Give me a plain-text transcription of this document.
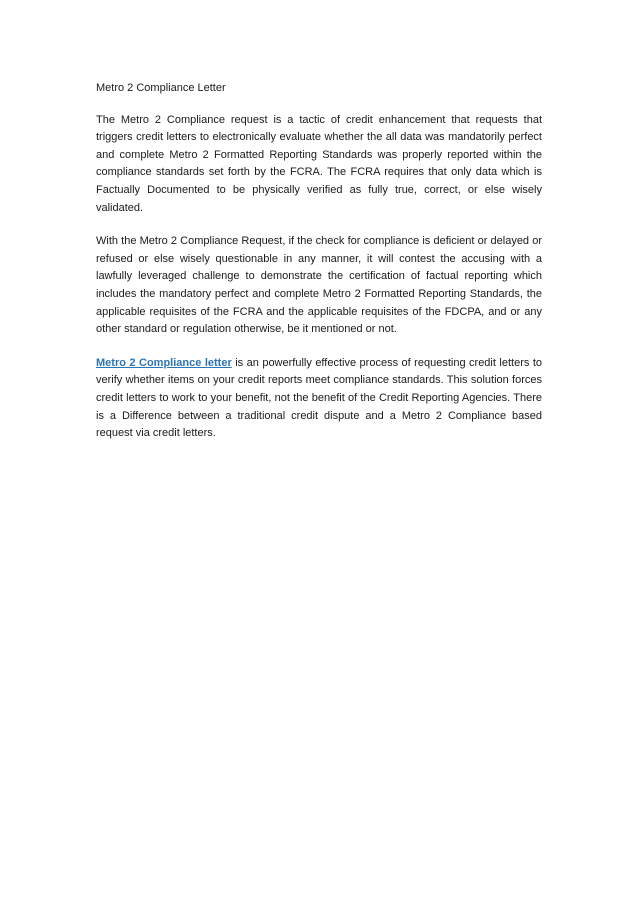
Metro 2 Compliance Letter

The Metro 2 Compliance request is a tactic of credit enhancement that requests that triggers credit letters to electronically evaluate whether the all data was mandatorily perfect and complete Metro 2 Formatted Reporting Standards was properly reported within the compliance standards set forth by the FCRA. The FCRA requires that only data which is Factually Documented to be physically verified as fully true, correct, or else wisely validated.

With the Metro 2 Compliance Request, if the check for compliance is deficient or delayed or refused or else wisely questionable in any manner, it will contest the accusing with a lawfully leveraged challenge to demonstrate the certification of factual reporting which includes the mandatory perfect and complete Metro 2 Formatted Reporting Standards, the applicable requisites of the FCRA and the applicable requisites of the FDCPA, and or any other standard or regulation otherwise, be it mentioned or not.

Metro 2 Compliance letter is an powerfully effective process of requesting credit letters to verify whether items on your credit reports meet compliance standards. This solution forces credit letters to work to your benefit, not the benefit of the Credit Reporting Agencies. There is a Difference between a traditional credit dispute and a Metro 2 Compliance based request via credit letters.
